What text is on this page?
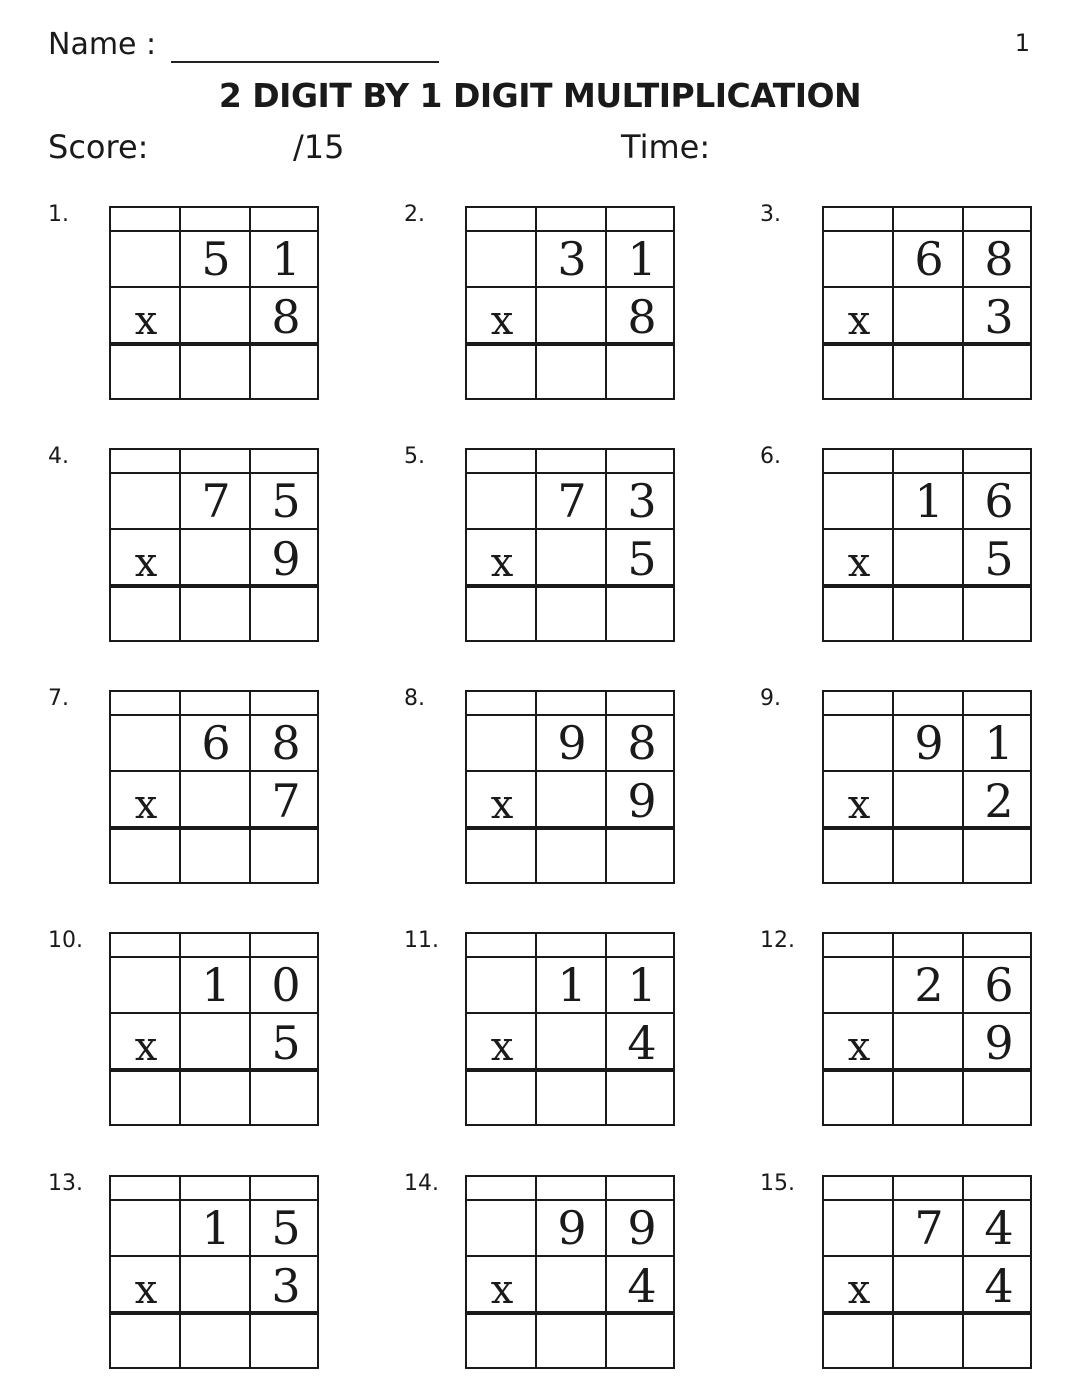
Name :	1
2 DIGIT BY 1 DIGIT MULTIPLICATION
Score:	/15	Time:
1.
5 1
x	8
2.
3 1
x	8
3.
6 8
x	3
4.
7 5
x	9
5.
7 3
x	5
6.
1 6
x	5
7.
6 8
x	7
8.
9 8
x	9
9.
9 1
x	2
10.
1 0
x	5
11.
1 1
x	4
12.
2 6
x	9
13.
1 5
x	3
14.
9 9
x	4
15.
7 4
x	4
